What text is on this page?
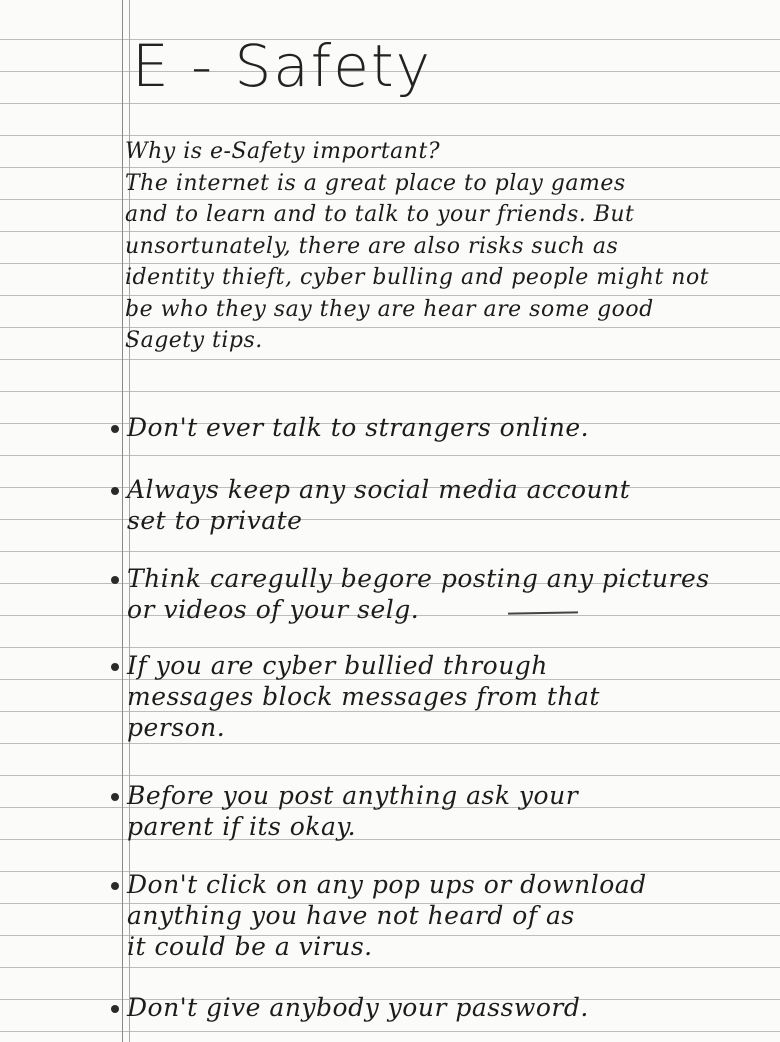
E - Safety
Why is e-Safety important?
The internet is a great place to play games
and to learn and to talk to your friends. But
unsortunately, there are also risks such as
identity thieft, cyber bulling and people might not
be who they say they are hear are some good
Sagety tips.
Don't ever talk to strangers online.
Always keep any social media account
set to private
Think caregully begore posting any pictures
or videos of your selg.
If you are cyber bullied through
messages block messages from that
person.
Before you post anything ask your
parent if its okay.
Don't click on any pop ups or download
anything you have not heard of as
it could be a virus.
Don't give anybody your password.
